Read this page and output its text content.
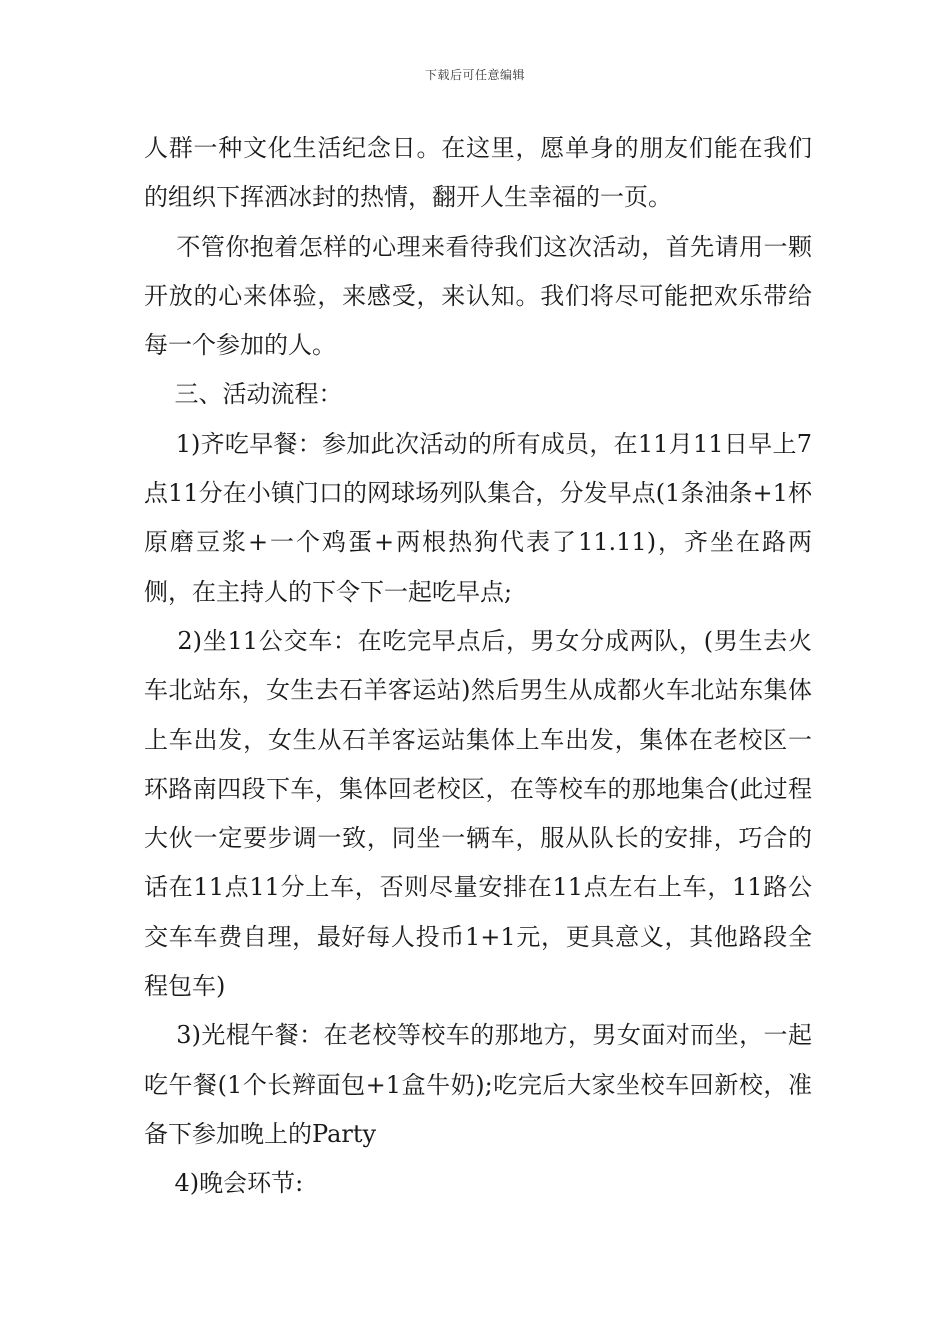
下载后可任意编辑

人群一种文化生活纪念日。在这里，愿单身的朋友们能在我们的组织下挥洒冰封的热情，翻开人生幸福的一页。

不管你抱着怎样的心理来看待我们这次活动，首先请用一颗开放的心来体验，来感受，来认知。我们将尽可能把欢乐带给每一个参加的人。

三、活动流程：

1)齐吃早餐：参加此次活动的所有成员，在11月11日早上7点11分在小镇门口的网球场列队集合，分发早点(1条油条+1杯原磨豆浆+一个鸡蛋+两根热狗代表了11.11)，齐坐在路两侧，在主持人的下令下一起吃早点;

2)坐11公交车：在吃完早点后，男女分成两队，(男生去火车北站东，女生去石羊客运站)然后男生从成都火车北站东集体上车出发，女生从石羊客运站集体上车出发，集体在老校区一环路南四段下车，集体回老校区，在等校车的那地集合(此过程大伙一定要步调一致，同坐一辆车，服从队长的安排，巧合的话在11点11分上车，否则尽量安排在11点左右上车，11路公交车车费自理，最好每人投币1+1元，更具意义，其他路段全程包车)

3)光棍午餐：在老校等校车的那地方，男女面对而坐，一起吃午餐(1个长辫面包+1盒牛奶);吃完后大家坐校车回新校，准备下参加晚上的Party

4)晚会环节:
